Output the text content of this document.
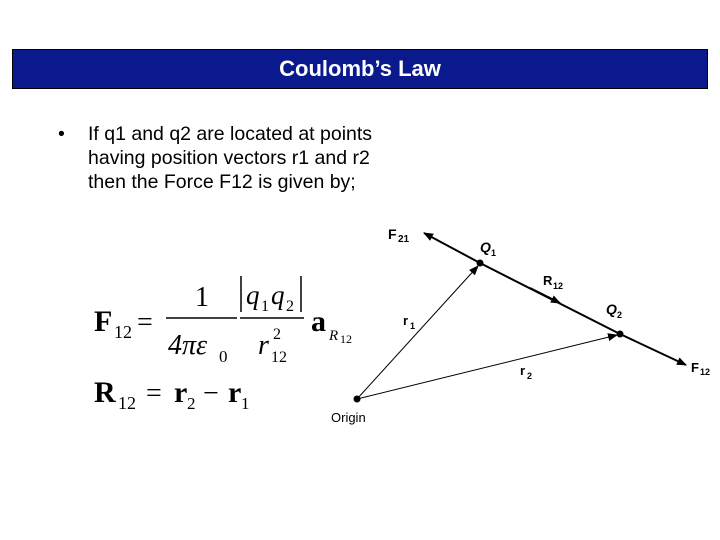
Coulomb’s Law
•	If q1 and q2 are located at points having position vectors r1 and r2 then the Force F12 is given by;
F 12 =
1
4πε 0
q 1 q 2
r 2
12
a R 12
R 12 = r 2 − r 1
F 21	Q 1
R 12
Q 2
F 12
r 1
r 2
Origin
